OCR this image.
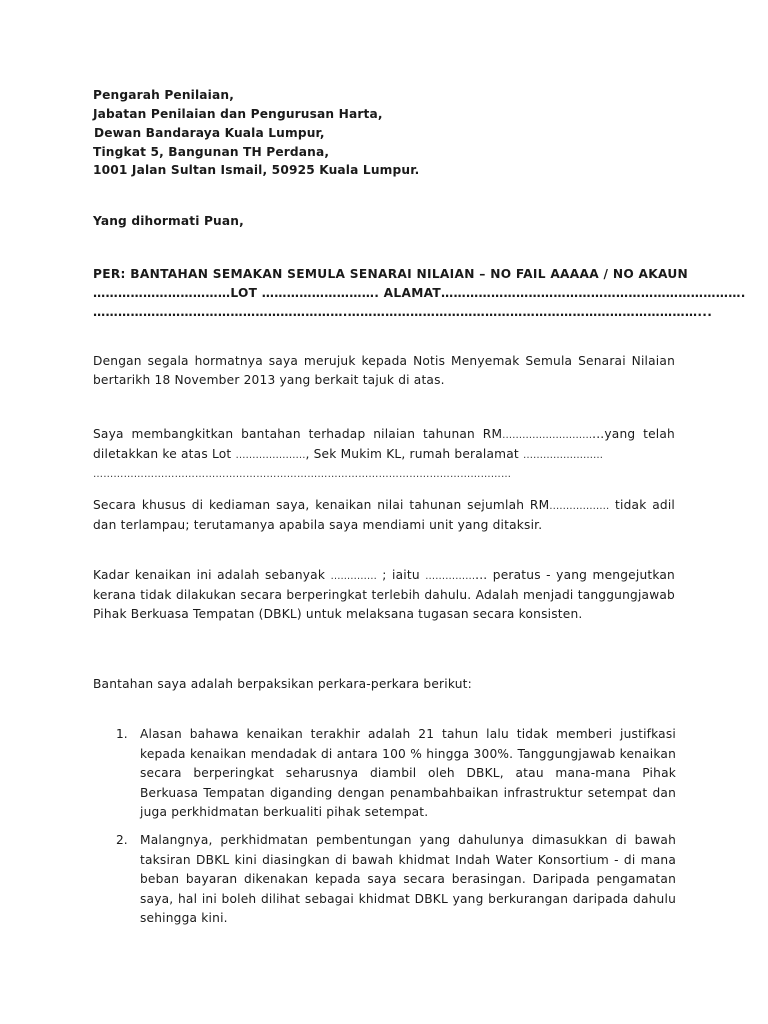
Pengarah Penilaian,
Jabatan Penilaian dan Pengurusan Harta,
Dewan Bandaraya Kuala Lumpur,
Tingkat 5, Bangunan TH Perdana,
1001 Jalan Sultan Ismail, 50925 Kuala Lumpur.
Yang dihormati Puan,
PER: BANTAHAN SEMAKAN SEMULA SENARAI NILAIAN – NO FAIL AAAAA / NO AKAUN
……………………………LOT ………………………. ALAMAT……………………………………………………………….
…………………………………………………….…………………………………………………………………………...
Dengan segala hormatnya saya merujuk kepada Notis Menyemak Semula Senarai Nilaian bertarikh 18 November 2013 yang berkait tajuk di atas.
Saya membangkitkan bantahan terhadap nilaian tahunan RM………………………...yang telah diletakkan ke atas Lot …………………, Sek Mukim KL, rumah beralamat ……………………
……………………………………………………………………………………………………………
Secara khusus di kediaman saya, kenaikan nilai tahunan sejumlah RM……………… tidak adil dan terlampau; terutamanya apabila saya mendiami unit yang ditaksir.
Kadar kenaikan ini adalah sebanyak …..……… ; iaitu ……………... peratus - yang mengejutkan kerana tidak dilakukan secara berperingkat terlebih dahulu. Adalah menjadi tanggungjawab Pihak Berkuasa Tempatan (DBKL) untuk melaksana tugasan secara konsisten.
Bantahan saya adalah berpaksikan perkara-perkara berikut:
1. Alasan bahawa kenaikan terakhir adalah 21 tahun lalu tidak memberi justifkasi kepada kenaikan mendadak di antara 100 % hingga 300%. Tanggungjawab kenaikan secara berperingkat seharusnya diambil oleh DBKL, atau mana-mana Pihak Berkuasa Tempatan diganding dengan penambahbaikan infrastruktur setempat dan juga perkhidmatan berkualiti pihak setempat.
2. Malangnya, perkhidmatan pembentungan yang dahulunya dimasukkan di bawah taksiran DBKL kini diasingkan di bawah khidmat Indah Water Konsortium - di mana beban bayaran dikenakan kepada saya secara berasingan. Daripada pengamatan saya, hal ini boleh dilihat sebagai khidmat DBKL yang berkurangan daripada dahulu sehingga kini.
